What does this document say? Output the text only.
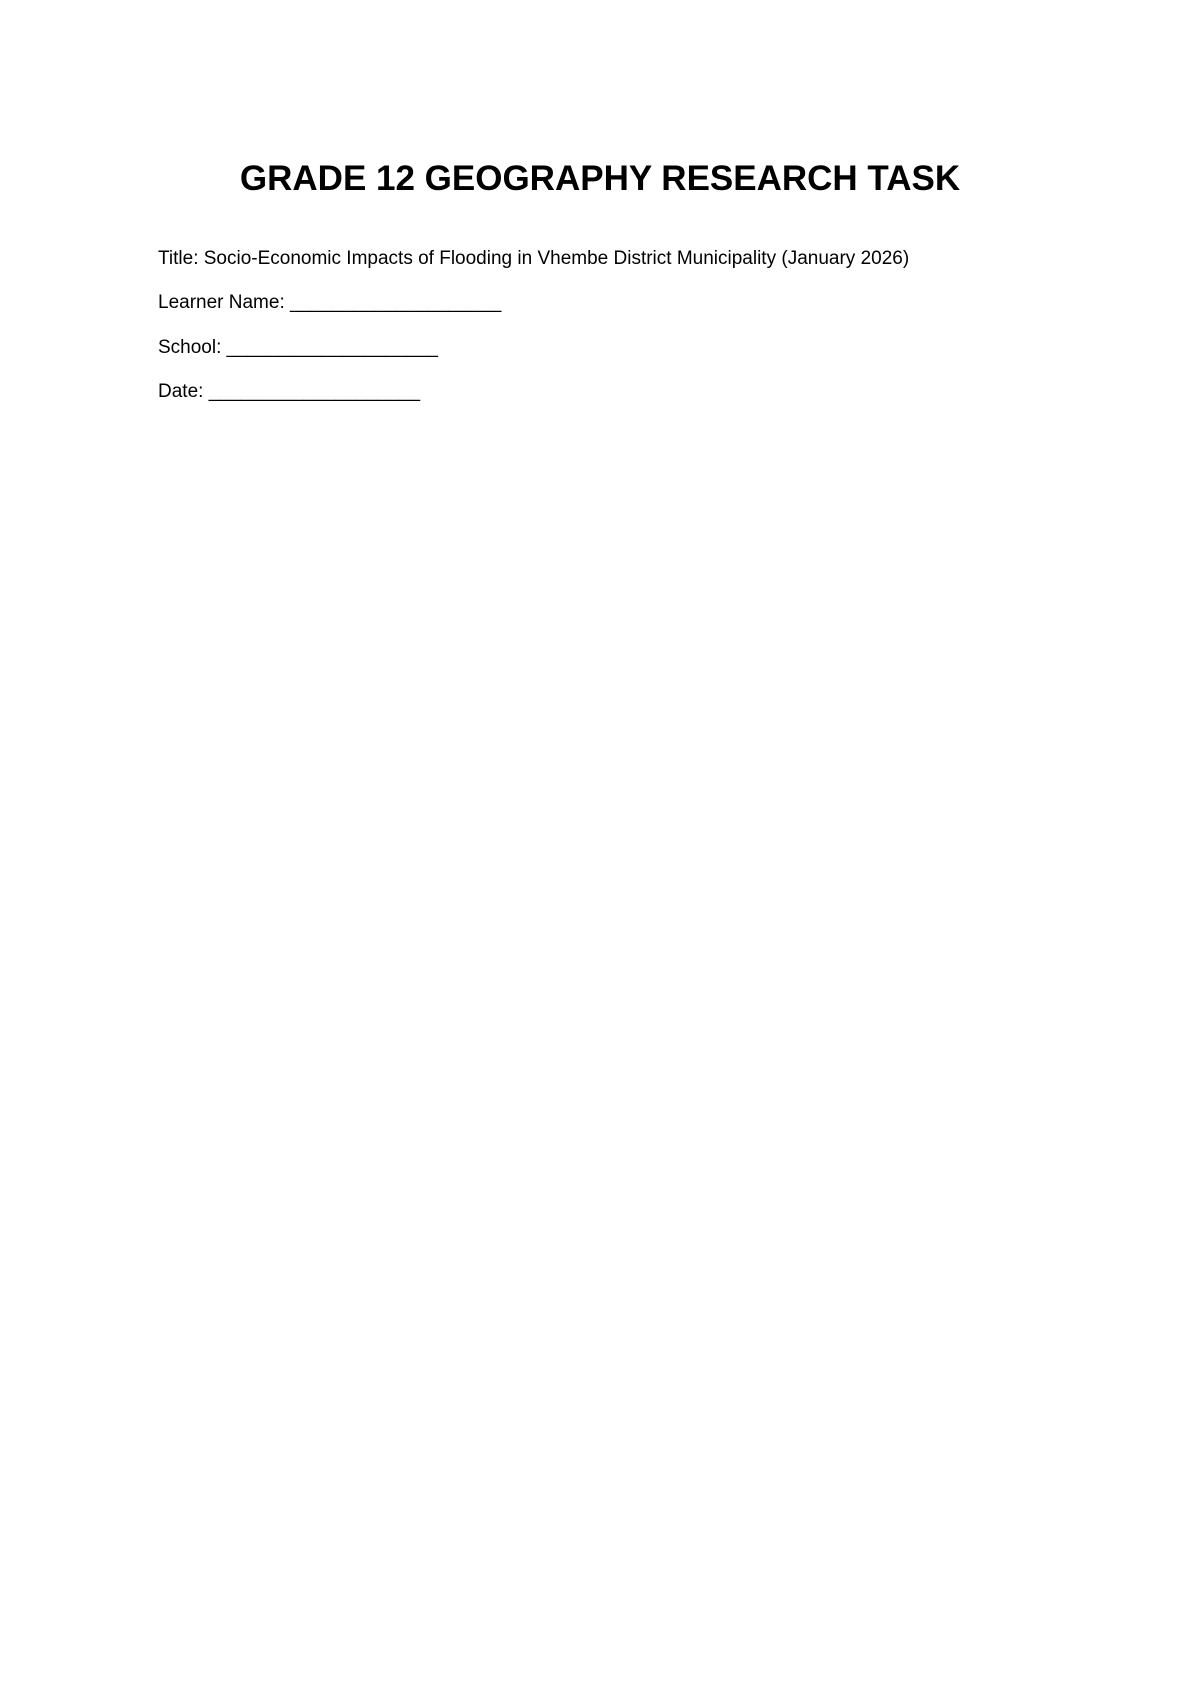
GRADE 12 GEOGRAPHY RESEARCH TASK

Title: Socio-Economic Impacts of Flooding in Vhembe District Municipality (January 2026)

Learner Name: ____________________

School: ____________________

Date: ____________________
